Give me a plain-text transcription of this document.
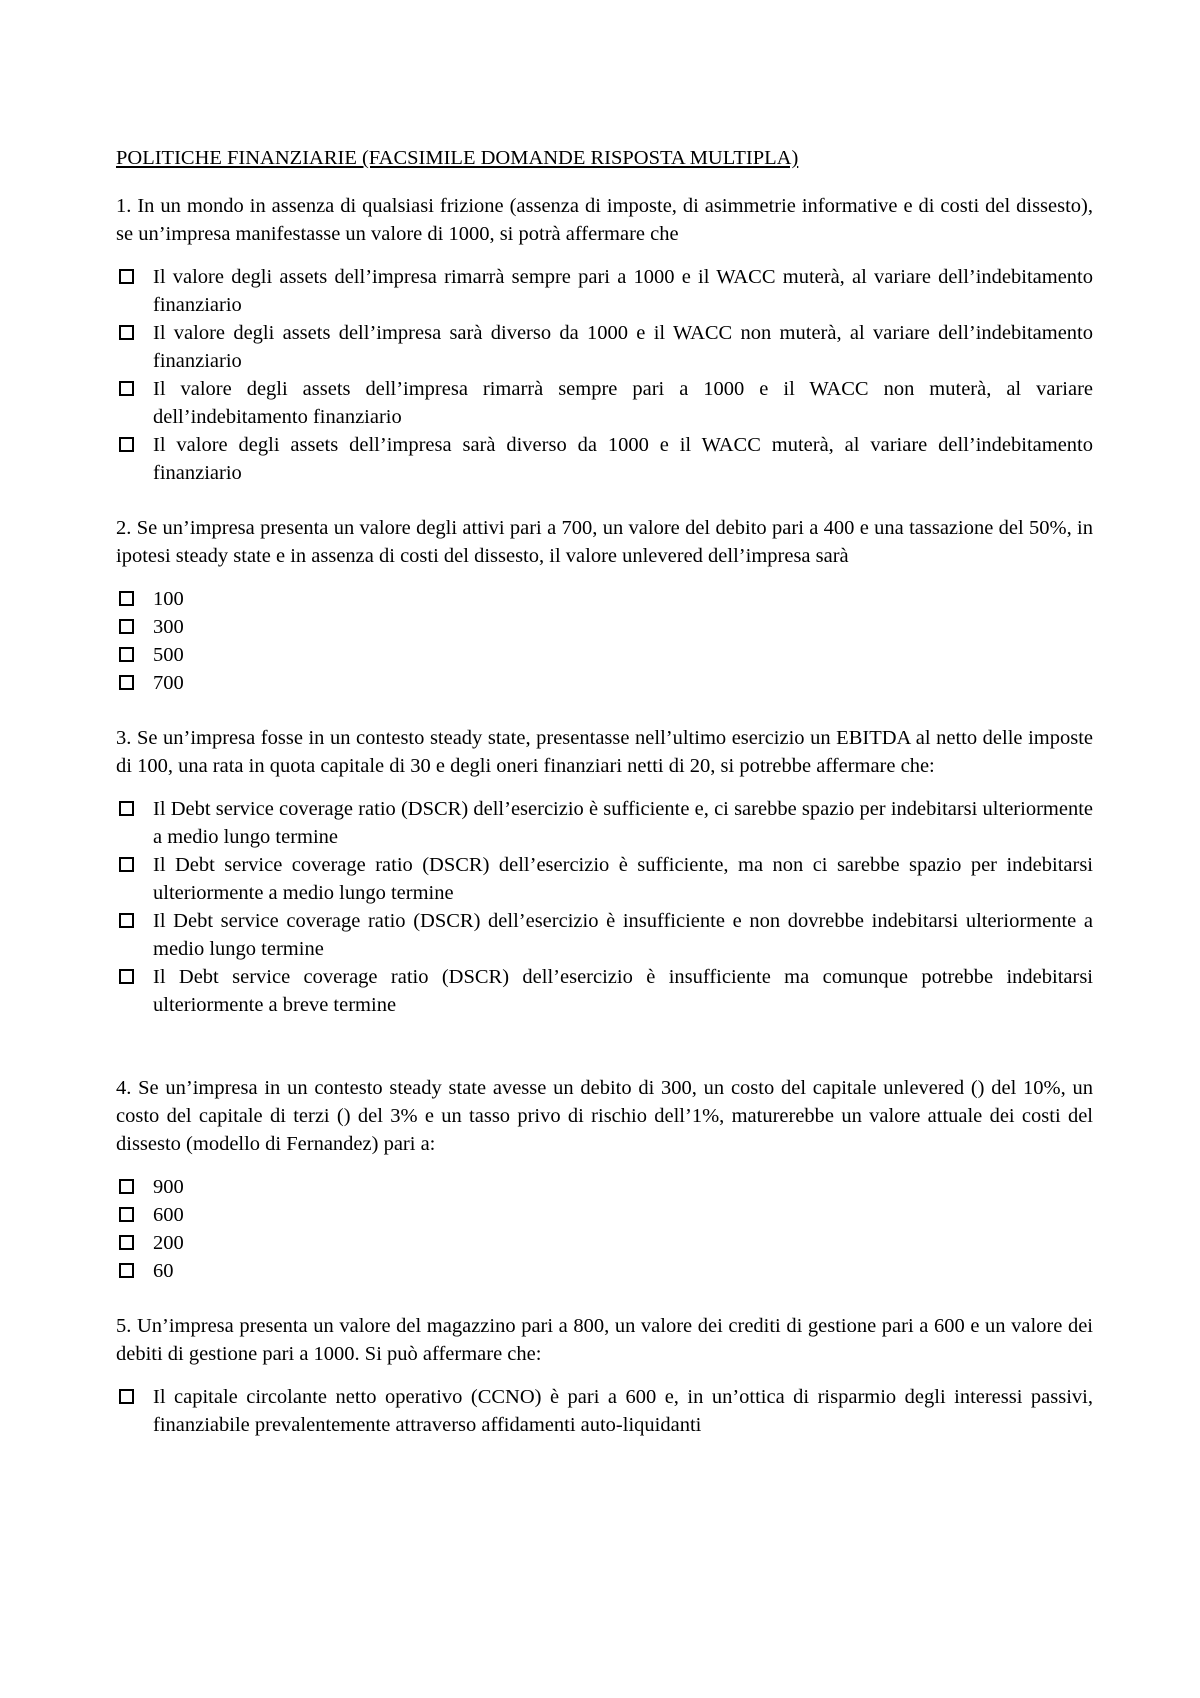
POLITICHE FINANZIARIE (FACSIMILE DOMANDE RISPOSTA MULTIPLA)

1. In un mondo in assenza di qualsiasi frizione (assenza di imposte, di asimmetrie informative e di costi del dissesto), se un’impresa manifestasse un valore di 1000, si potrà affermare che

Il valore degli assets dell’impresa rimarrà sempre pari a 1000 e il WACC muterà, al variare dell’indebitamento finanziario
Il valore degli assets dell’impresa sarà diverso da 1000 e il WACC non muterà, al variare dell’indebitamento finanziario
Il valore degli assets dell’impresa rimarrà sempre pari a 1000 e il WACC non muterà, al variare dell’indebitamento finanziario
Il valore degli assets dell’impresa sarà diverso da 1000 e il WACC muterà, al variare dell’indebitamento finanziario

2. Se un’impresa presenta un valore degli attivi pari a 700, un valore del debito pari a 400 e una tassazione del 50%, in ipotesi steady state e in assenza di costi del dissesto, il valore unlevered dell’impresa sarà

100
300
500
700

3. Se un’impresa fosse in un contesto steady state, presentasse nell’ultimo esercizio un EBITDA al netto delle imposte di 100, una rata in quota capitale di 30 e degli oneri finanziari netti di 20, si potrebbe affermare che:

Il Debt service coverage ratio (DSCR) dell’esercizio è sufficiente e, ci sarebbe spazio per indebitarsi ulteriormente a medio lungo termine
Il Debt service coverage ratio (DSCR) dell’esercizio è sufficiente, ma non ci sarebbe spazio per indebitarsi ulteriormente a medio lungo termine
Il Debt service coverage ratio (DSCR) dell’esercizio è insufficiente e non dovrebbe indebitarsi ulteriormente a medio lungo termine
Il Debt service coverage ratio (DSCR) dell’esercizio è insufficiente ma comunque potrebbe indebitarsi ulteriormente a breve termine

4. Se un’impresa in un contesto steady state avesse un debito di 300, un costo del capitale unlevered () del 10%, un costo del capitale di terzi () del 3% e un tasso privo di rischio dell’1%, maturerebbe un valore attuale dei costi del dissesto (modello di Fernandez) pari a:

900
600
200
60

5. Un’impresa presenta un valore del magazzino pari a 800, un valore dei crediti di gestione pari a 600 e un valore dei debiti di gestione pari a 1000. Si può affermare che:

Il capitale circolante netto operativo (CCNO) è pari a 600 e, in un’ottica di risparmio degli interessi passivi, finanziabile prevalentemente attraverso affidamenti auto-liquidanti
